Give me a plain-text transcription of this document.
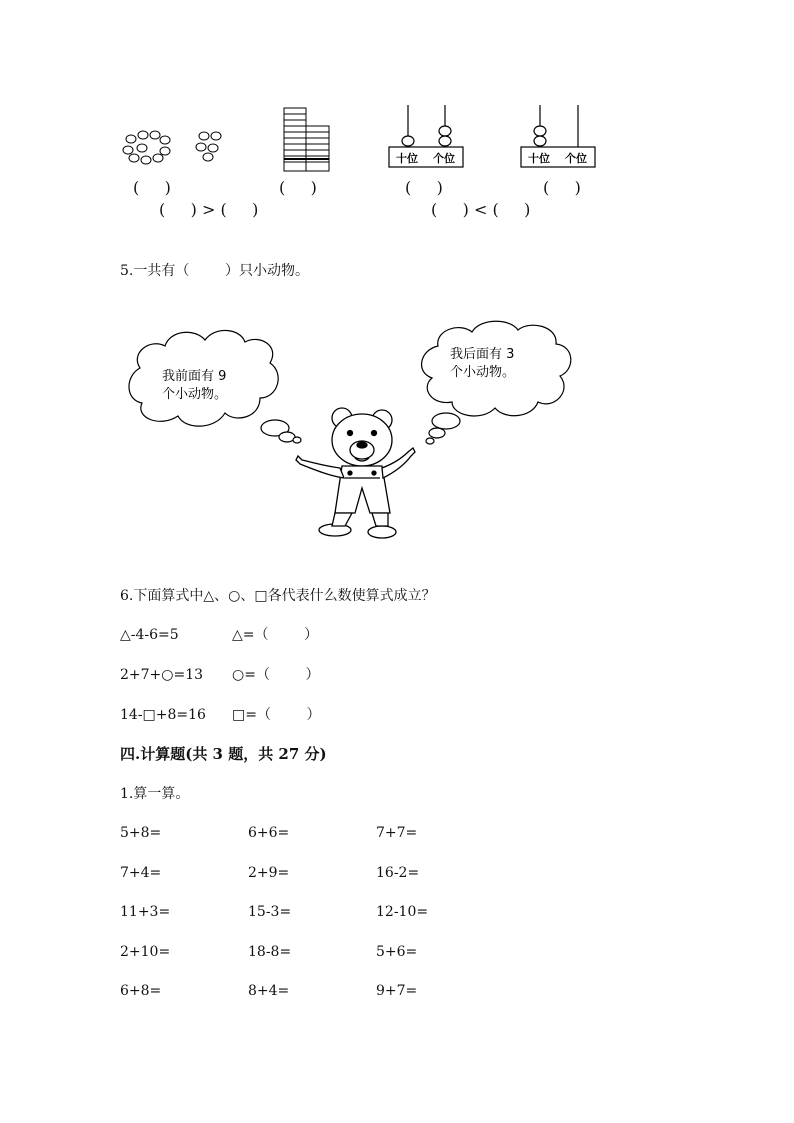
十位 个位	十位 个位
(     )	(     )	(     )	(     )
(     ) > (     )	(     ) < (     )
5.一共有（        ）只小动物。
我前面有 9
个小动物。
我后面有 3
个小动物。
6.下面算式中△、○、□各代表什么数使算式成立？
△-4-6=5	△=（        ）
2+7+○=13 ○=（        ）
14-□+8=16 □=（        ）
四.计算题(共 3 题，共 27 分)
1.算一算。
5+8=	6+6=	7+7=
7+4=	2+9=	16-2=
11+3=	15-3=	12-10=
2+10=	18-8=	5+6=
6+8=	8+4=	9+7=
